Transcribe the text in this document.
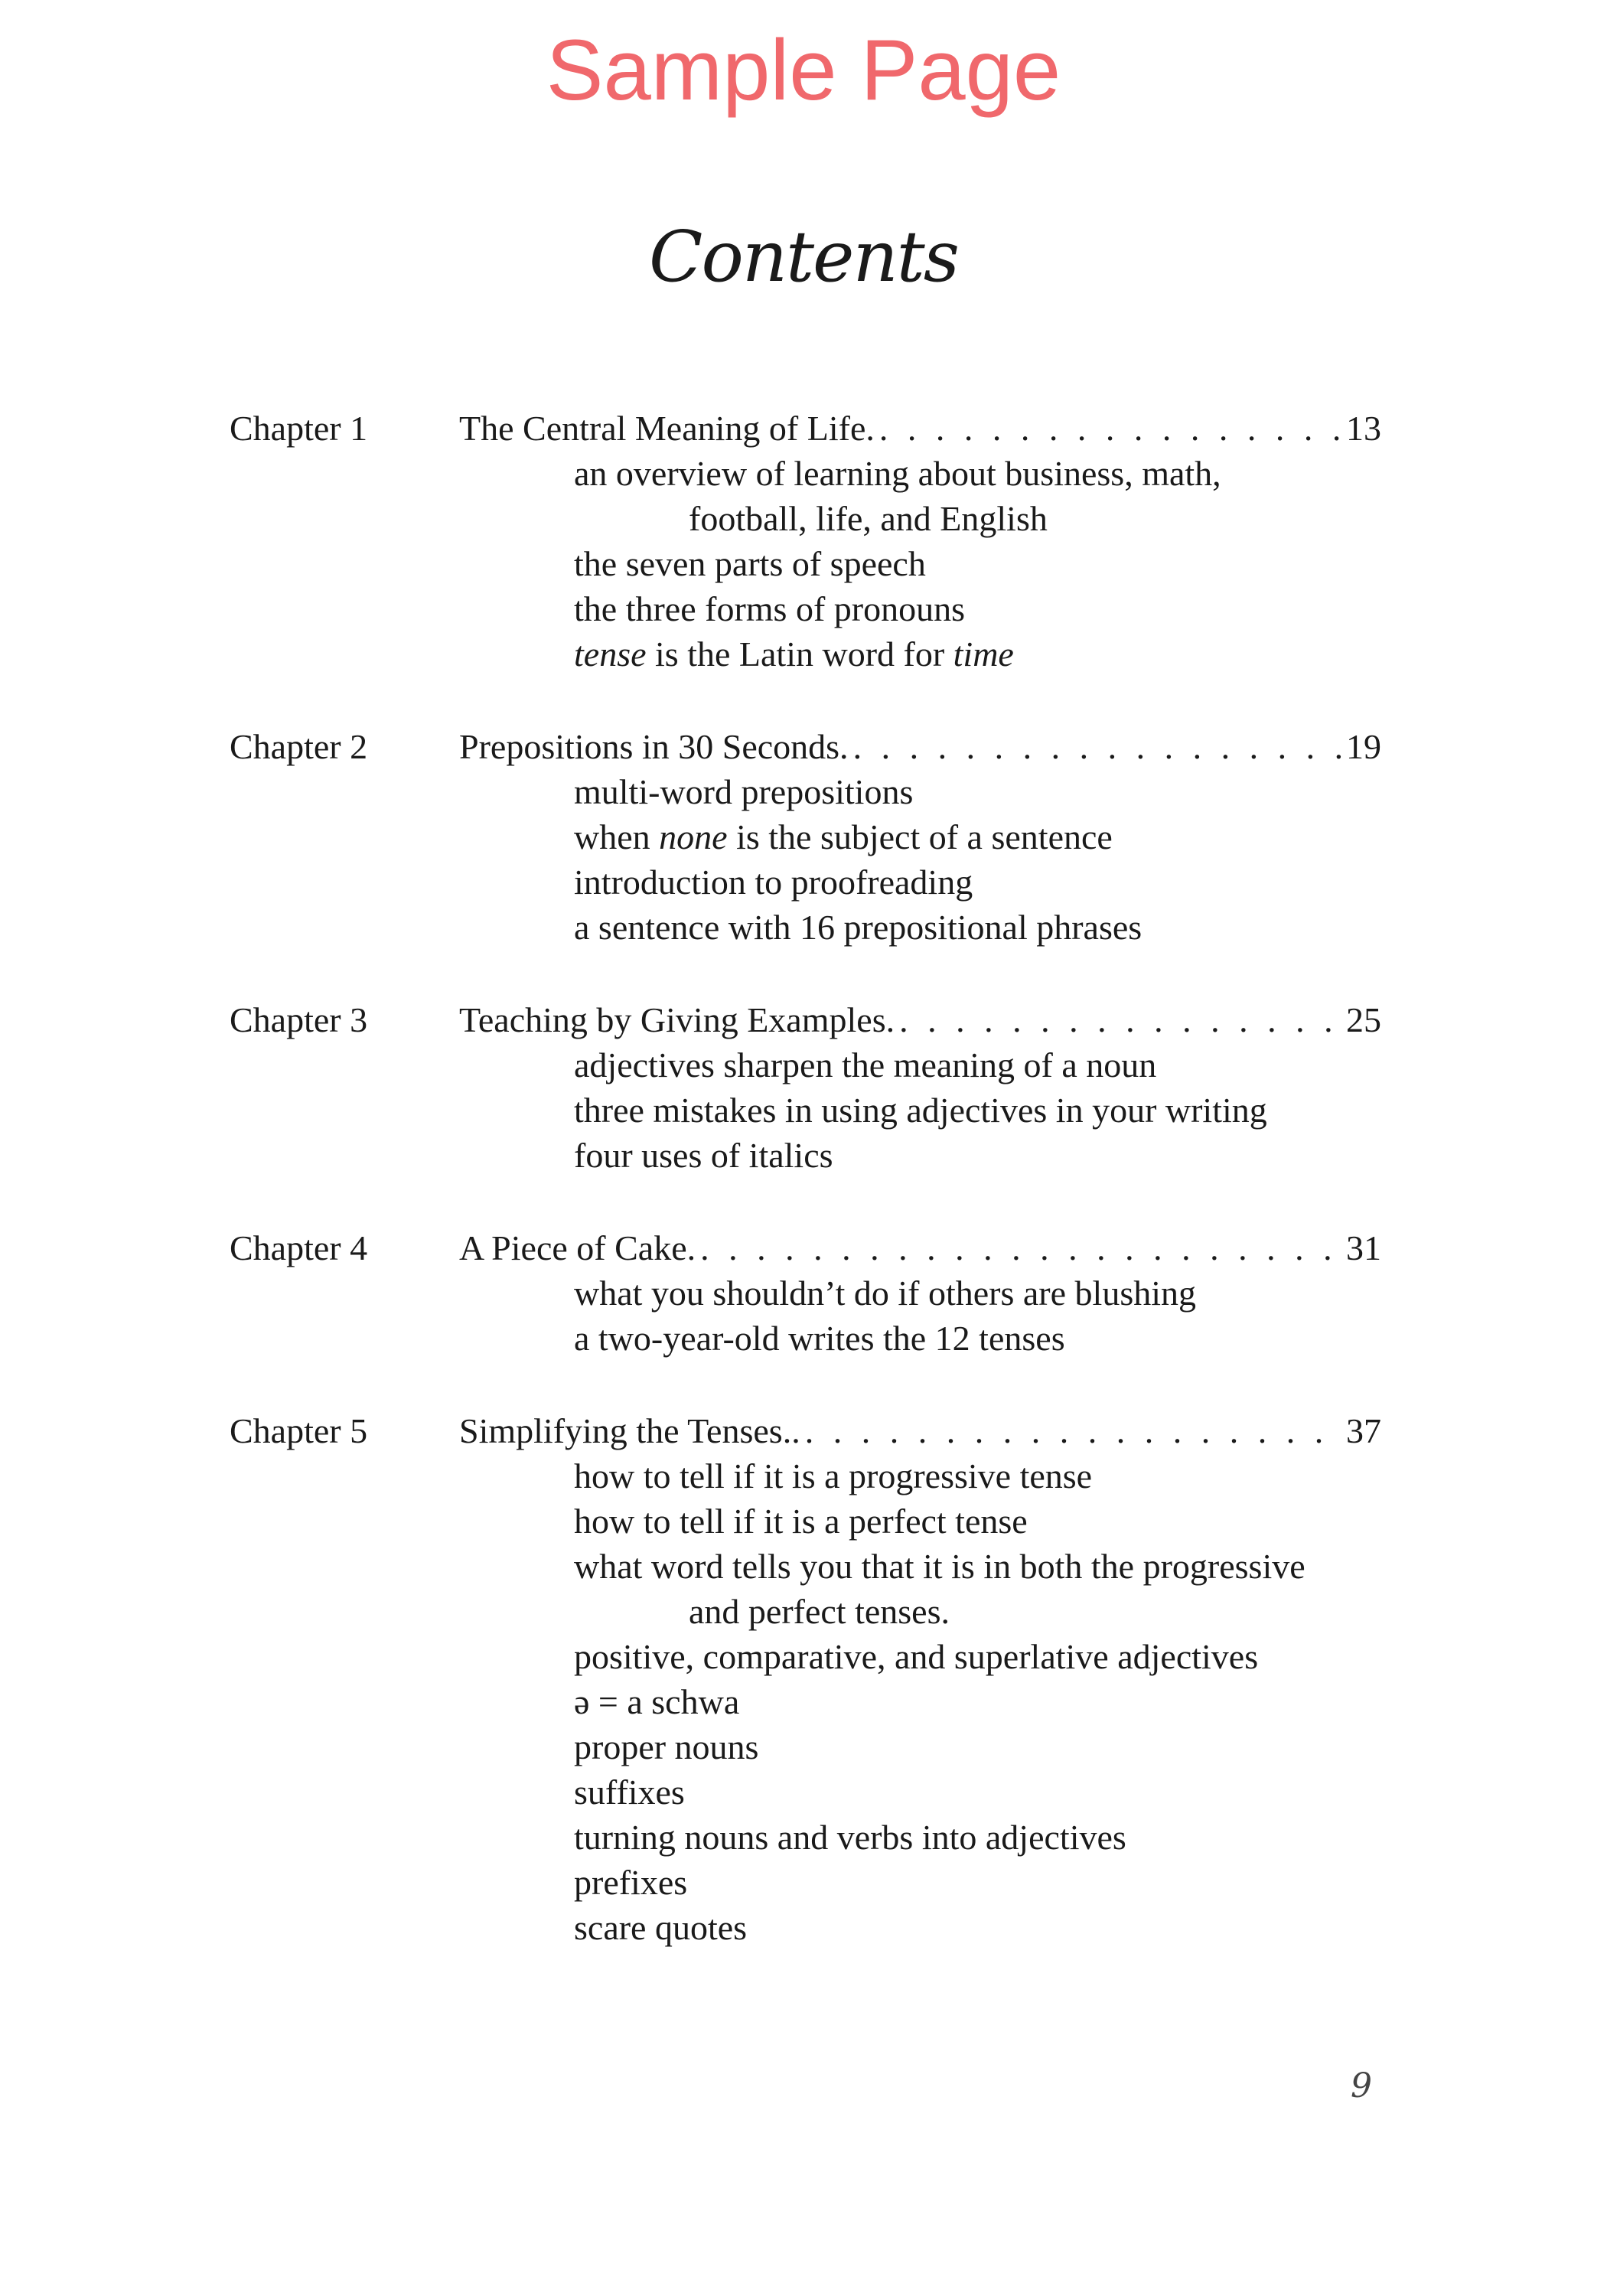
Sample Page
Contents
Chapter 1	The Central Meaning of Life. . . .	13
an overview of learning about business, math,
football, life, and English
the seven parts of speech
the three forms of pronouns
tense is the Latin word for time
Chapter 2	Prepositions in 30 Seconds. . . .	19
multi-word prepositions
when none is the subject of a sentence
introduction to proofreading
a sentence with 16 prepositional phrases
Chapter 3	Teaching by Giving Examples. . . .	25
adjectives sharpen the meaning of a noun
three mistakes in using adjectives in your writing
four uses of italics
Chapter 4	A Piece of Cake. . . .	31
what you shouldn’t do if others are blushing
a two-year-old writes the 12 tenses
Chapter 5	Simplifying the Tenses.. . . .	37
how to tell if it is a progressive tense
how to tell if it is a perfect tense
what word tells you that it is in both the progressive
and perfect tenses.
positive, comparative, and superlative adjectives
ə = a schwa
proper nouns
suffixes
turning nouns and verbs into adjectives
prefixes
scare quotes
9
